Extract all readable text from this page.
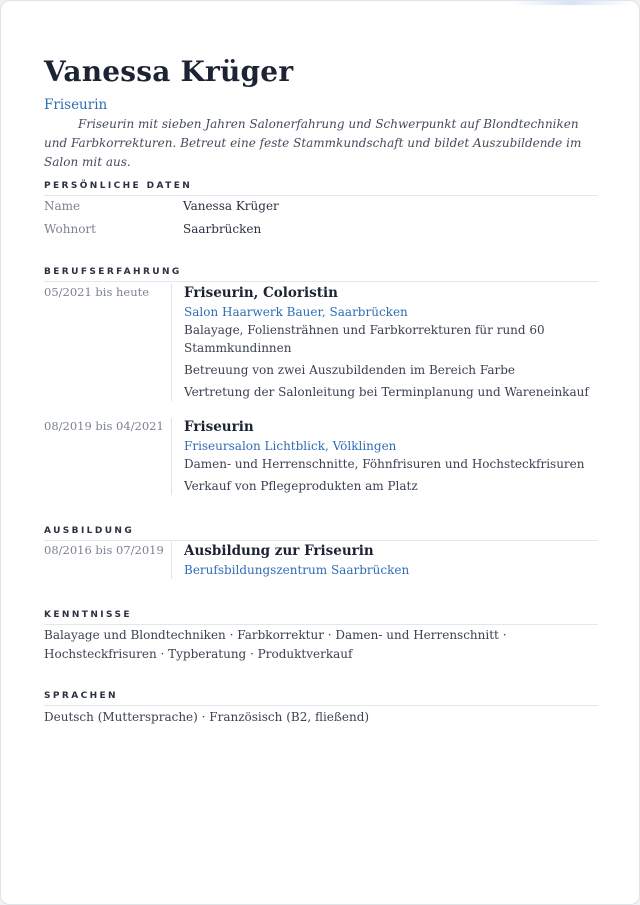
Vanessa Krüger
Friseurin
Friseurin mit sieben Jahren Salonerfahrung und Schwerpunkt auf Blondtechniken und Farbkorrekturen. Betreut eine feste Stammkundschaft und bildet Auszubildende im Salon mit aus.
PERSÖNLICHE DATEN
Name	Vanessa Krüger
Wohnort	Saarbrücken
BERUFSERFAHRUNG
05/2021 bis heute	Friseurin, Coloristin
Salon Haarwerk Bauer, Saarbrücken
Balayage, Foliensträhnen und Farbkorrekturen für rund 60 Stammkundinnen
Betreuung von zwei Auszubildenden im Bereich Farbe
Vertretung der Salonleitung bei Terminplanung und Wareneinkauf
08/2019 bis 04/2021 Friseurin
Friseursalon Lichtblick, Völklingen
Damen- und Herrenschnitte, Föhnfrisuren und Hochsteckfrisuren
Verkauf von Pflegeprodukten am Platz
AUSBILDUNG
08/2016 bis 07/2019 Ausbildung zur Friseurin
Berufsbildungszentrum Saarbrücken
KENNTNISSE
Balayage und Blondtechniken · Farbkorrektur · Damen- und Herrenschnitt · Hochsteckfrisuren · Typberatung · Produktverkauf
SPRACHEN
Deutsch (Muttersprache) · Französisch (B2, fließend)
